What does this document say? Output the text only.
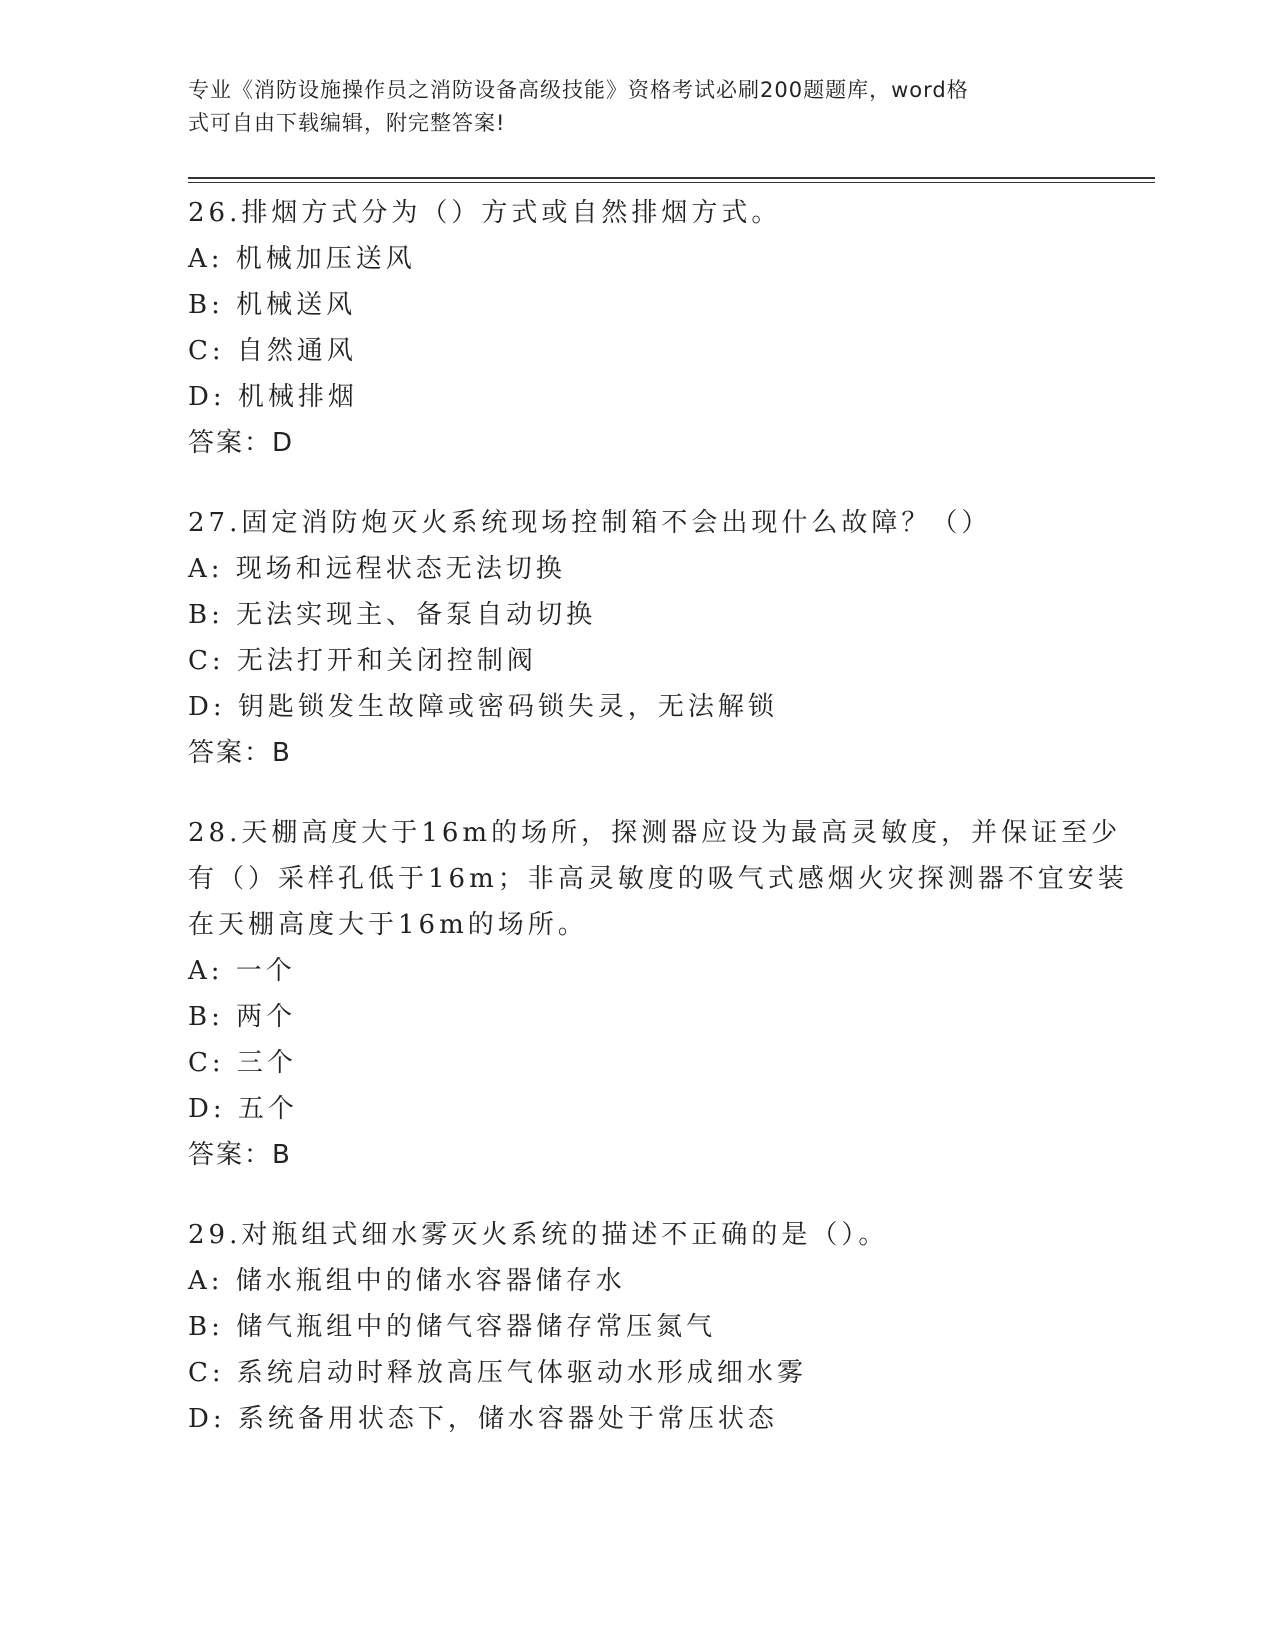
专业《消防设施操作员之消防设备高级技能》资格考试必刷200题题库，word格
式可自由下载编辑，附完整答案!
26.排烟方式分为（）方式或自然排烟方式。
A: 机械加压送风
B: 机械送风
C: 自然通风
D: 机械排烟
答案：D
27.固定消防炮灭火系统现场控制箱不会出现什么故障？（）
A: 现场和远程状态无法切换
B: 无法实现主、备泵自动切换
C: 无法打开和关闭控制阀
D: 钥匙锁发生故障或密码锁失灵，无法解锁
答案：B
28.天棚高度大于16m的场所，探测器应设为最高灵敏度，并保证至少
有（）采样孔低于16m；非高灵敏度的吸气式感烟火灾探测器不宜安装
在天棚高度大于16m的场所。
A: 一个
B: 两个
C: 三个
D: 五个
答案：B
29.对瓶组式细水雾灭火系统的描述不正确的是（）。
A: 储水瓶组中的储水容器储存水
B: 储气瓶组中的储气容器储存常压氮气
C: 系统启动时释放高压气体驱动水形成细水雾
D: 系统备用状态下，储水容器处于常压状态
